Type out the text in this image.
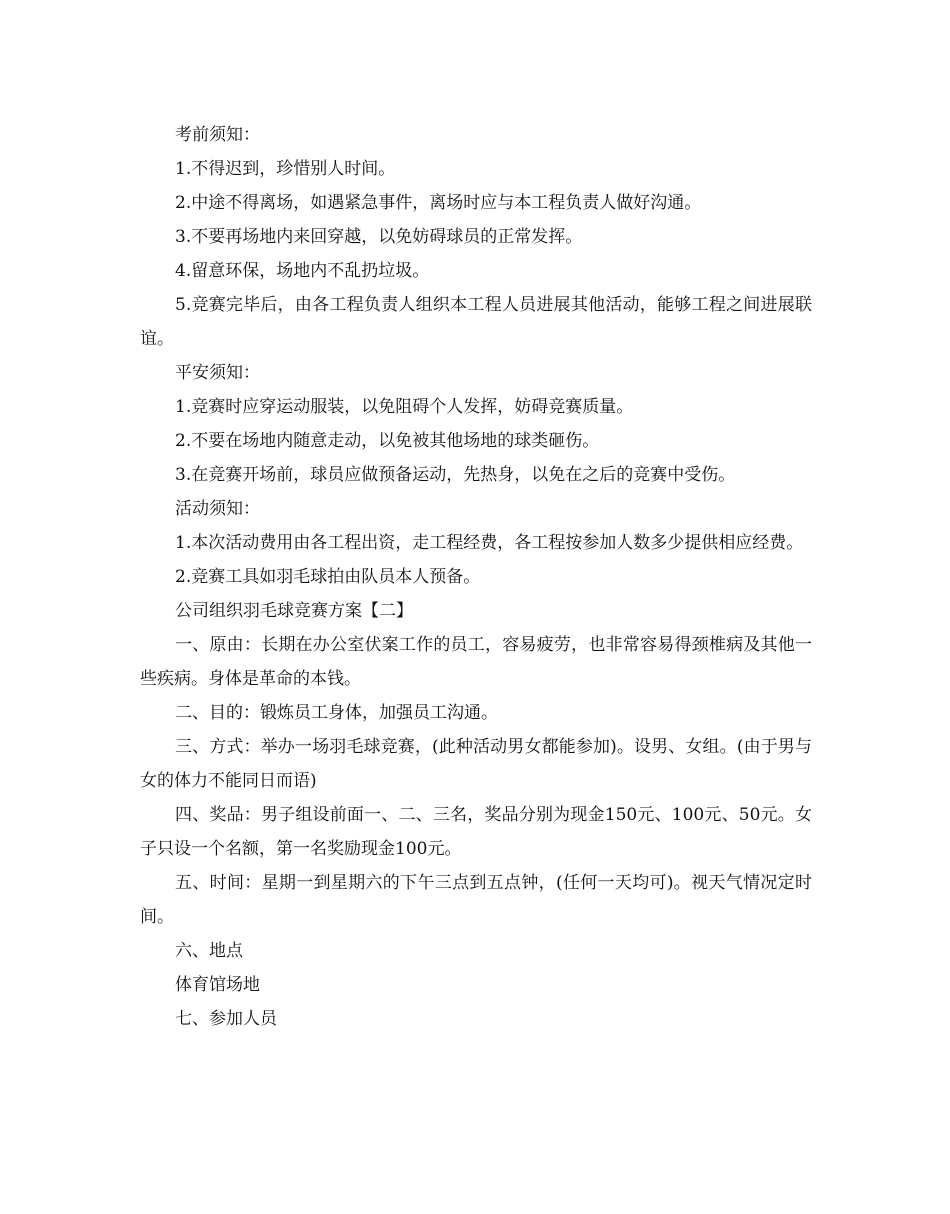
考前须知：

1.不得迟到，珍惜别人时间。

2.中途不得离场，如遇紧急事件，离场时应与本工程负责人做好沟通。

3.不要再场地内来回穿越，以免妨碍球员的正常发挥。

4.留意环保，场地内不乱扔垃圾。

5.竞赛完毕后，由各工程负责人组织本工程人员进展其他活动，能够工程之间进展联谊。

平安须知：

1.竞赛时应穿运动服装，以免阻碍个人发挥，妨碍竞赛质量。

2.不要在场地内随意走动，以免被其他场地的球类砸伤。

3.在竞赛开场前，球员应做预备运动，先热身，以免在之后的竞赛中受伤。

活动须知：

1.本次活动费用由各工程出资，走工程经费，各工程按参加人数多少提供相应经费。

2.竞赛工具如羽毛球拍由队员本人预备。

公司组织羽毛球竞赛方案【二】

一、原由：长期在办公室伏案工作的员工，容易疲劳，也非常容易得颈椎病及其他一些疾病。身体是革命的本钱。

二、目的：锻炼员工身体，加强员工沟通。

三、方式：举办一场羽毛球竞赛，(此种活动男女都能参加)。设男、女组。(由于男与女的体力不能同日而语)

四、奖品：男子组设前面一、二、三名，奖品分别为现金150元、100元、50元。女子只设一个名额，第一名奖励现金100元。

五、时间：星期一到星期六的下午三点到五点钟，(任何一天均可)。视天气情况定时间。

六、地点

体育馆场地

七、参加人员
